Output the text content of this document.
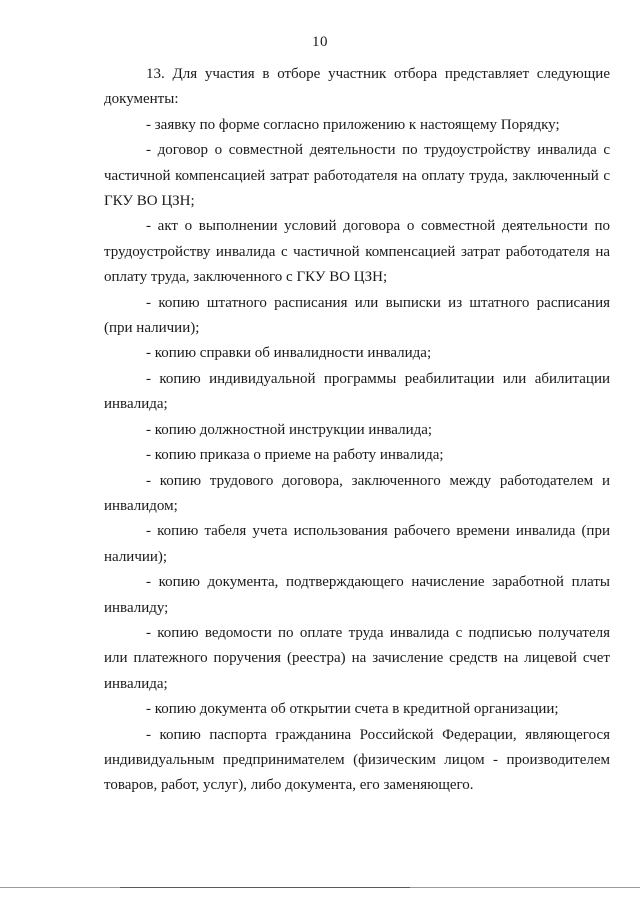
10

13. Для участия в отборе участник отбора представляет следующие документы:

- заявку по форме согласно приложению к настоящему Порядку;

- договор о совместной деятельности по трудоустройству инвалида с частичной компенсацией затрат работодателя на оплату труда, заключенный с ГКУ ВО ЦЗН;

- акт о выполнении условий договора о совместной деятельности по трудоустройству инвалида с частичной компенсацией затрат работодателя на оплату труда, заключенного с ГКУ ВО ЦЗН;

- копию штатного расписания или выписки из штатного расписания (при наличии);

- копию справки об инвалидности инвалида;

- копию индивидуальной программы реабилитации или абилитации инвалида;

- копию должностной инструкции инвалида;

- копию приказа о приеме на работу инвалида;

- копию трудового договора, заключенного между работодателем и инвалидом;

- копию табеля учета использования рабочего времени инвалида (при наличии);

- копию документа, подтверждающего начисление заработной платы инвалиду;

- копию ведомости по оплате труда инвалида с подписью получателя или платежного поручения (реестра) на зачисление средств на лицевой счет инвалида;

- копию документа об открытии счета в кредитной организации;

- копию паспорта гражданина Российской Федерации, являющегося индивидуальным предпринимателем (физическим лицом - производителем товаров, работ, услуг), либо документа, его заменяющего.
